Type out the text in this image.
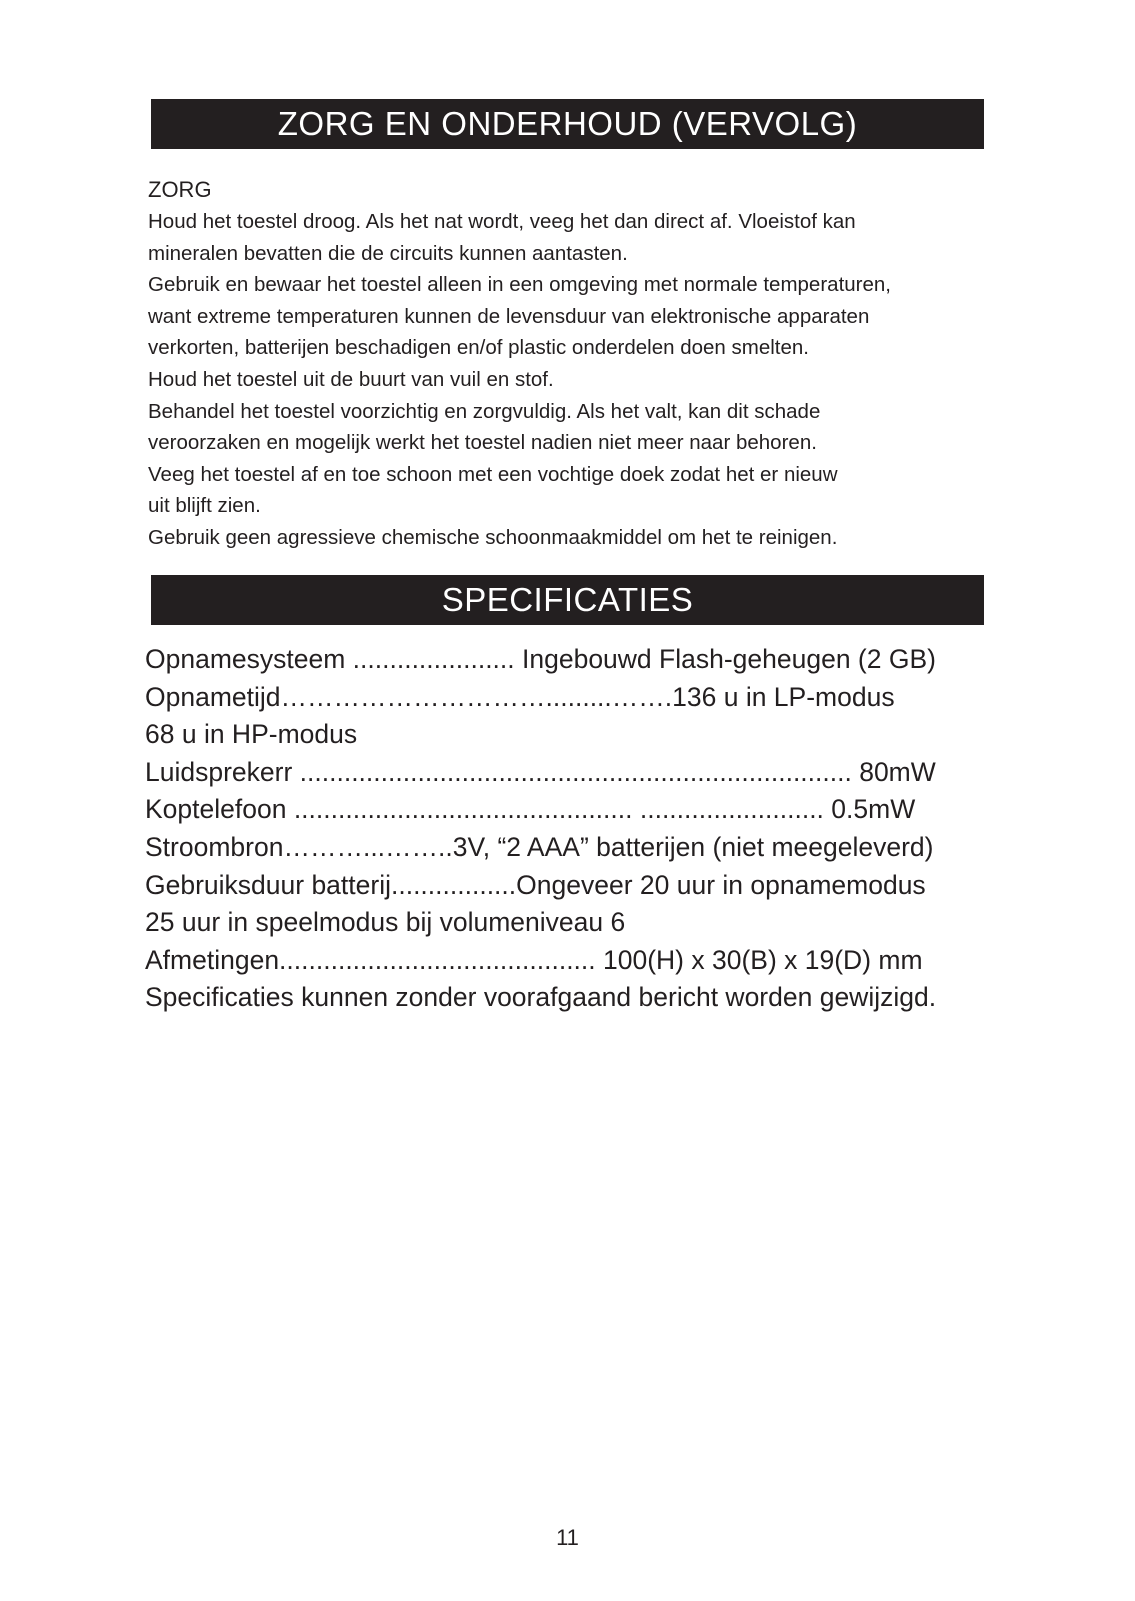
ZORG EN ONDERHOUD (VERVOLG)
ZORG
Houd het toestel droog. Als het nat wordt, veeg het dan direct af. Vloeistof kan
mineralen bevatten die de circuits kunnen aantasten.
Gebruik en bewaar het toestel alleen in een omgeving met normale temperaturen,
want extreme temperaturen kunnen de levensduur van elektronische apparaten
verkorten, batterijen beschadigen en/of plastic onderdelen doen smelten.
Houd het toestel uit de buurt van vuil en stof.
Behandel het toestel voorzichtig en zorgvuldig. Als het valt, kan dit schade
veroorzaken en mogelijk werkt het toestel nadien niet meer naar behoren.
Veeg het toestel af en toe schoon met een vochtige doek zodat het er nieuw
uit blijft zien.
Gebruik geen agressieve chemische schoonmaakmiddel om het te reinigen.
SPECIFICATIES
Opnamesysteem ...................... Ingebouwd Flash-geheugen (2 GB)
Opnametijd………………………….........…….136 u in LP-modus
68 u in HP-modus
Luidsprekerr ........................................................................... 80mW
Koptelefoon .............................................. ......................... 0.5mW
Stroombron………...……..3V, “2 AAA” batterijen (niet meegeleverd)
Gebruiksduur batterij.................Ongeveer 20 uur in opnamemodus
25 uur in speelmodus bij volumeniveau 6
Afmetingen........................................... 100(H) x 30(B) x 19(D) mm
Specificaties kunnen zonder voorafgaand bericht worden gewijzigd.
11
